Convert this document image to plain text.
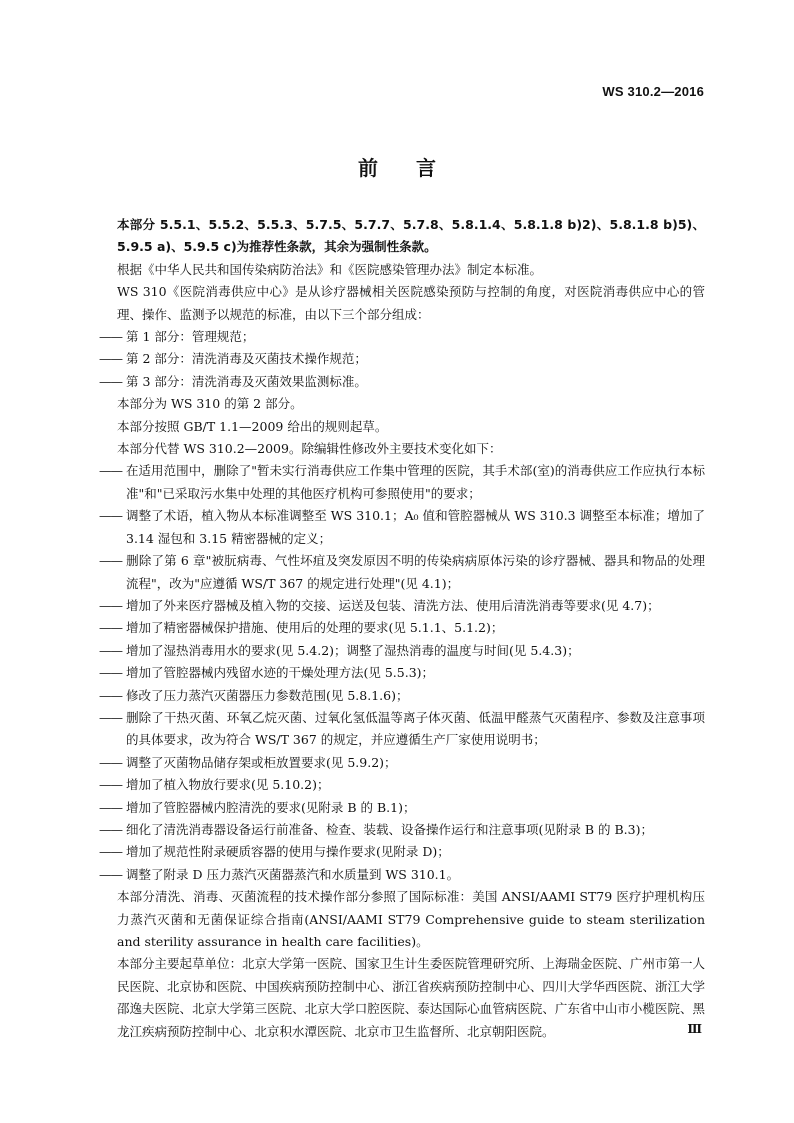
WS 310.2—2016
前言
本部分 5.5.1、5.5.2、5.5.3、5.7.5、5.7.7、5.7.8、5.8.1.4、5.8.1.8 b)2)、5.8.1.8 b)5)、5.9.5 a)、5.9.5 c)为推荐性条款，其余为强制性条款。
根据《中华人民共和国传染病防治法》和《医院感染管理办法》制定本标准。
WS 310《医院消毒供应中心》是从诊疗器械相关医院感染预防与控制的角度，对医院消毒供应中心的管理、操作、监测予以规范的标准，由以下三个部分组成：
—— 第 1 部分：管理规范；
—— 第 2 部分：清洗消毒及灭菌技术操作规范；
—— 第 3 部分：清洗消毒及灭菌效果监测标准。
本部分为 WS 310 的第 2 部分。
本部分按照 GB/T 1.1—2009 给出的规则起草。
本部分代替 WS 310.2—2009。除编辑性修改外主要技术变化如下：
—— 在适用范围中，删除了"暂未实行消毒供应工作集中管理的医院，其手术部(室)的消毒供应工作应执行本标准"和"已采取污水集中处理的其他医疗机构可参照使用"的要求；
—— 调整了术语，植入物从本标准调整至 WS 310.1；A₀ 值和管腔器械从 WS 310.3 调整至本标准；增加了 3.14 湿包和 3.15 精密器械的定义；
—— 删除了第 6 章"被朊病毒、气性坏疽及突发原因不明的传染病病原体污染的诊疗器械、器具和物品的处理流程"，改为"应遵循 WS/T 367 的规定进行处理"(见 4.1)；
—— 增加了外来医疗器械及植入物的交接、运送及包装、清洗方法、使用后清洗消毒等要求(见 4.7)；
—— 增加了精密器械保护措施、使用后的处理的要求(见 5.1.1、5.1.2)；
—— 增加了湿热消毒用水的要求(见 5.4.2)；调整了湿热消毒的温度与时间(见 5.4.3)；
—— 增加了管腔器械内残留水迹的干燥处理方法(见 5.5.3)；
—— 修改了压力蒸汽灭菌器压力参数范围(见 5.8.1.6)；
—— 删除了干热灭菌、环氧乙烷灭菌、过氧化氢低温等离子体灭菌、低温甲醛蒸气灭菌程序、参数及注意事项的具体要求，改为符合 WS/T 367 的规定，并应遵循生产厂家使用说明书；
—— 调整了灭菌物品储存架或柜放置要求(见 5.9.2)；
—— 增加了植入物放行要求(见 5.10.2)；
—— 增加了管腔器械内腔清洗的要求(见附录 B 的 B.1)；
—— 细化了清洗消毒器设备运行前准备、检查、装载、设备操作运行和注意事项(见附录 B 的 B.3)；
—— 增加了规范性附录硬质容器的使用与操作要求(见附录 D)；
—— 调整了附录 D 压力蒸汽灭菌器蒸汽和水质量到 WS 310.1。
本部分清洗、消毒、灭菌流程的技术操作部分参照了国际标准：美国 ANSI/AAMI ST79 医疗护理机构压力蒸汽灭菌和无菌保证综合指南(ANSI/AAMI ST79 Comprehensive guide to steam sterilization and sterility assurance in health care facilities)。
本部分主要起草单位：北京大学第一医院、国家卫生计生委医院管理研究所、上海瑞金医院、广州市第一人民医院、北京协和医院、中国疾病预防控制中心、浙江省疾病预防控制中心、四川大学华西医院、浙江大学邵逸夫医院、北京大学第三医院、北京大学口腔医院、泰达国际心血管病医院、广东省中山市小榄医院、黑龙江疾病预防控制中心、北京积水潭医院、北京市卫生监督所、北京朝阳医院。	Ⅲ
